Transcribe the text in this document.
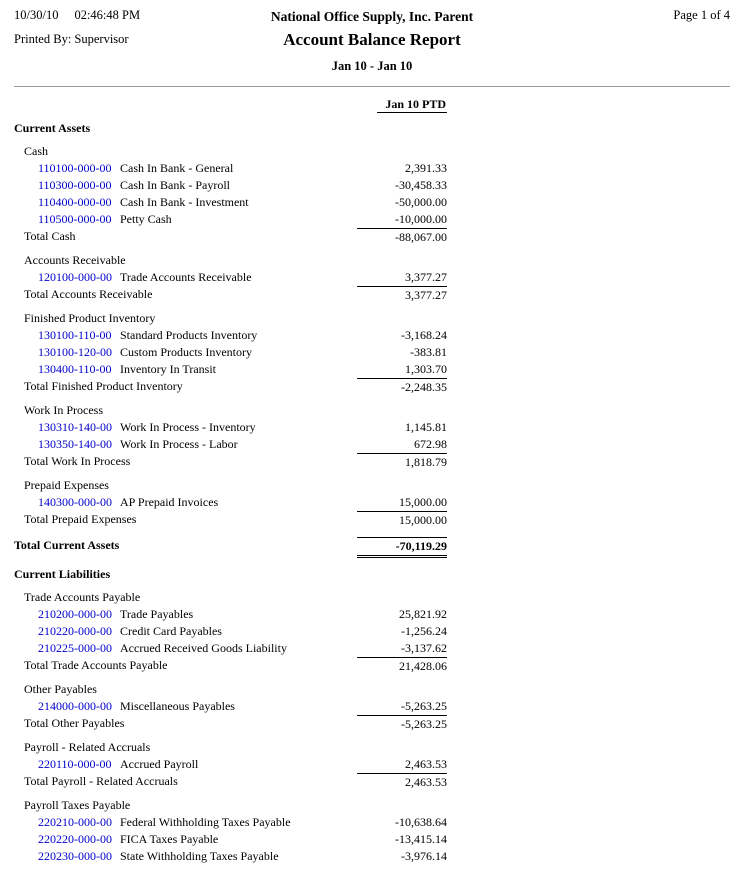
10/30/10 02:46:48 PM
Printed By: Supervisor
National Office Supply, Inc. Parent
Account Balance Report
Page 1 of 4
Jan 10 - Jan 10
Jan 10 PTD
Current Assets
Cash
110100-000-00 Cash In Bank - General	2,391.33
110300-000-00 Cash In Bank - Payroll	-30,458.33
110400-000-00 Cash In Bank - Investment	-50,000.00
110500-000-00 Petty Cash	-10,000.00
Total Cash	-88,067.00
Accounts Receivable
120100-000-00 Trade Accounts Receivable	3,377.27
Total Accounts Receivable	3,377.27
Finished Product Inventory
130100-110-00 Standard Products Inventory	-3,168.24
130100-120-00 Custom Products Inventory	-383.81
130400-110-00 Inventory In Transit	1,303.70
Total Finished Product Inventory	-2,248.35
Work In Process
130310-140-00 Work In Process - Inventory	1,145.81
130350-140-00 Work In Process - Labor	672.98
Total Work In Process	1,818.79
Prepaid Expenses
140300-000-00 AP Prepaid Invoices	15,000.00
Total Prepaid Expenses	15,000.00
Total Current Assets	-70,119.29
Current Liabilities
Trade Accounts Payable
210200-000-00 Trade Payables	25,821.92
210220-000-00 Credit Card Payables	-1,256.24
210225-000-00 Accrued Received Goods Liability	-3,137.62
Total Trade Accounts Payable	21,428.06
Other Payables
214000-000-00 Miscellaneous Payables	-5,263.25
Total Other Payables	-5,263.25
Payroll - Related Accruals
220110-000-00 Accrued Payroll	2,463.53
Total Payroll - Related Accruals	2,463.53
Payroll Taxes Payable
220210-000-00 Federal Withholding Taxes Payable	-10,638.64
220220-000-00 FICA Taxes Payable	-13,415.14
220230-000-00 State Withholding Taxes Payable	-3,976.14
